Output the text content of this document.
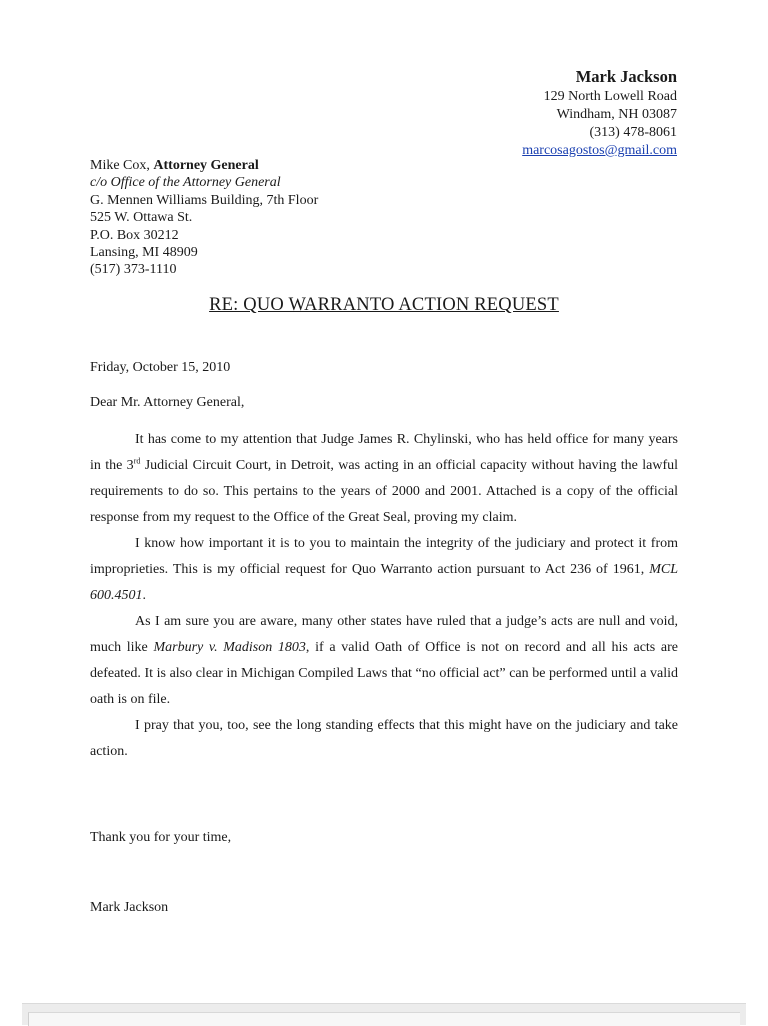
Mark Jackson
129 North Lowell Road
Windham, NH 03087
(313) 478-8061
marcosagostos@gmail.com
Mike Cox, Attorney General
c/o Office of the Attorney General
G. Mennen Williams Building, 7th Floor
525 W. Ottawa St.
P.O. Box 30212
Lansing, MI 48909
(517) 373-1110
RE: QUO WARRANTO ACTION REQUEST
Friday, October 15, 2010
Dear Mr. Attorney General,

It has come to my attention that Judge James R. Chylinski, who has held office for many years in the 3rd Judicial Circuit Court, in Detroit, was acting in an official capacity without having the lawful requirements to do so. This pertains to the years of 2000 and 2001. Attached is a copy of the official response from my request to the Office of the Great Seal, proving my claim.

I know how important it is to you to maintain the integrity of the judiciary and protect it from improprieties. This is my official request for Quo Warranto action pursuant to Act 236 of 1961, MCL 600.4501.

As I am sure you are aware, many other states have ruled that a judge’s acts are null and void, much like Marbury v. Madison 1803, if a valid Oath of Office is not on record and all his acts are defeated. It is also clear in Michigan Compiled Laws that “no official act” can be performed until a valid oath is on file.

I pray that you, too, see the long standing effects that this might have on the judiciary and take action.

Thank you for your time,
Mark Jackson
